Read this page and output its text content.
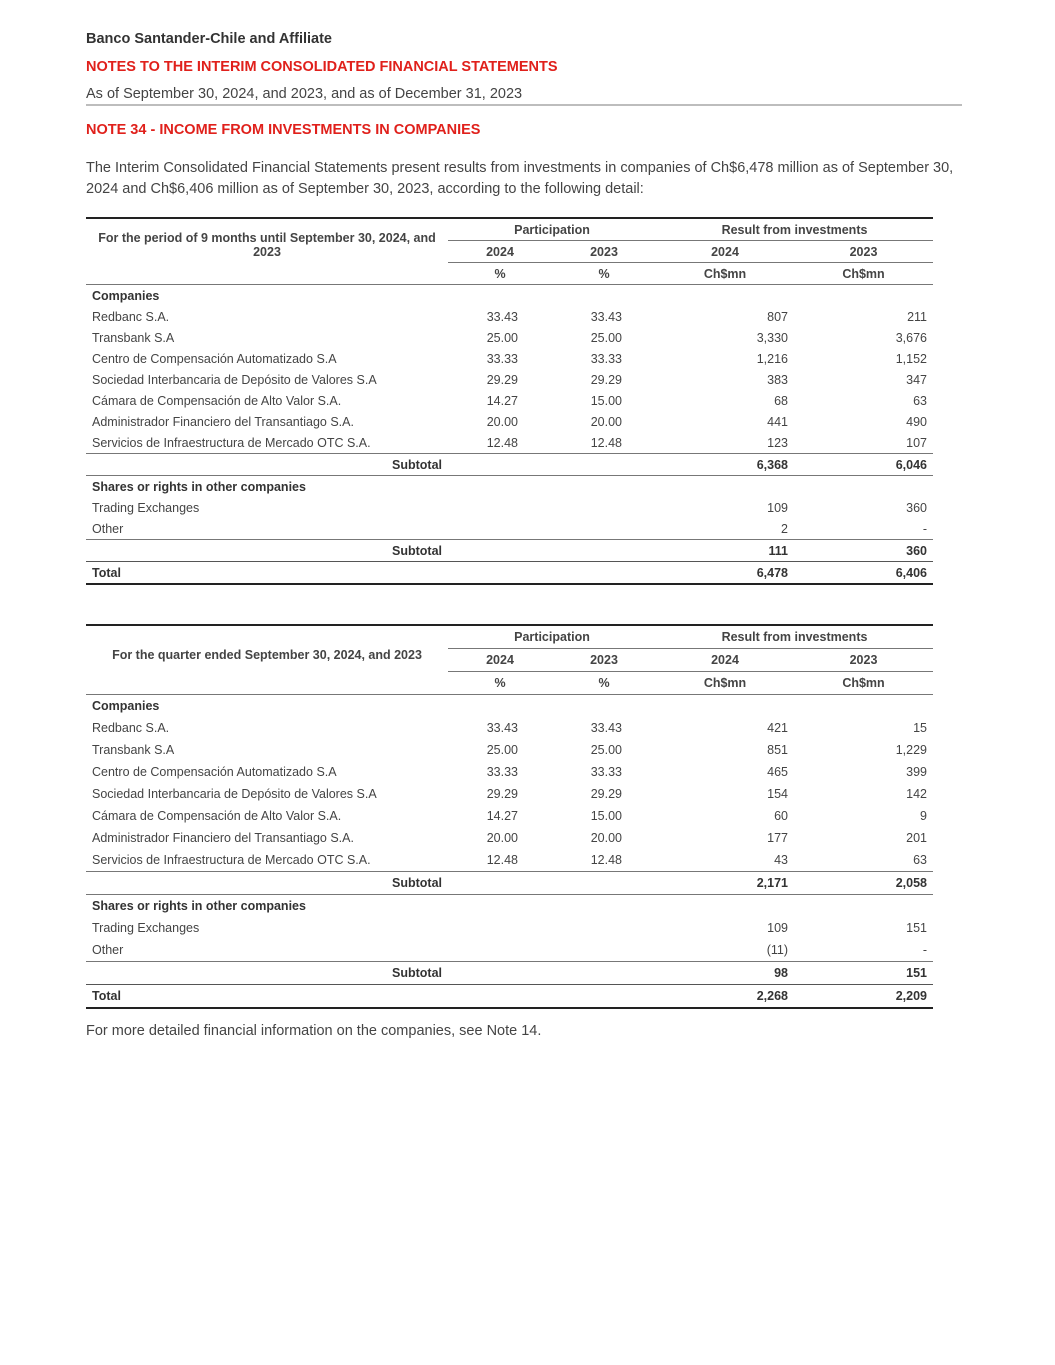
Banco Santander-Chile and Affiliate
NOTES TO THE INTERIM CONSOLIDATED FINANCIAL STATEMENTS
As of September 30, 2024, and 2023, and as of December 31, 2023
NOTE 34 - INCOME FROM INVESTMENTS IN COMPANIES
The Interim Consolidated Financial Statements present results from investments in companies of Ch$6,478 million as of September 30, 2024 and Ch$6,406 million as of September 30, 2023, according to the following detail:
For the period of 9 months until September 30, 2024, and 2023	Participation		Result from investments	
	2024	2023	2024	2023
	%	%	Ch$mn	Ch$mn
Companies				
Redbanc S.A.	33.43	33.43	807	211
Transbank S.A	25.00	25.00	3,330	3,676
Centro de Compensación Automatizado S.A	33.33	33.33	1,216	1,152
Sociedad Interbancaria de Depósito de Valores S.A	29.29	29.29	383	347
Cámara de Compensación de Alto Valor S.A.	14.27	15.00	68	63
Administrador Financiero del Transantiago S.A.	20.00	20.00	441	490
Servicios de Infraestructura de Mercado OTC S.A.	12.48	12.48	123	107
Subtotal			6,368	6,046
Shares or rights in other companies				
Trading Exchanges			109	360
Other			2	-
Subtotal			111	360
Total			6,478	6,406
For the quarter ended September 30, 2024, and 2023	Participation		Result from investments	
	2024	2023	2024	2023
	%	%	Ch$mn	Ch$mn
Companies				
Redbanc S.A.	33.43	33.43	421	15
Transbank S.A	25.00	25.00	851	1,229
Centro de Compensación Automatizado S.A	33.33	33.33	465	399
Sociedad Interbancaria de Depósito de Valores S.A	29.29	29.29	154	142
Cámara de Compensación de Alto Valor S.A.	14.27	15.00	60	9
Administrador Financiero del Transantiago S.A.	20.00	20.00	177	201
Servicios de Infraestructura de Mercado OTC S.A.	12.48	12.48	43	63
Subtotal			2,171	2,058
Shares or rights in other companies				
Trading Exchanges			109	151
Other			(11)	-
Subtotal			98	151
Total			2,268	2,209
For more detailed financial information on the companies, see Note 14.
